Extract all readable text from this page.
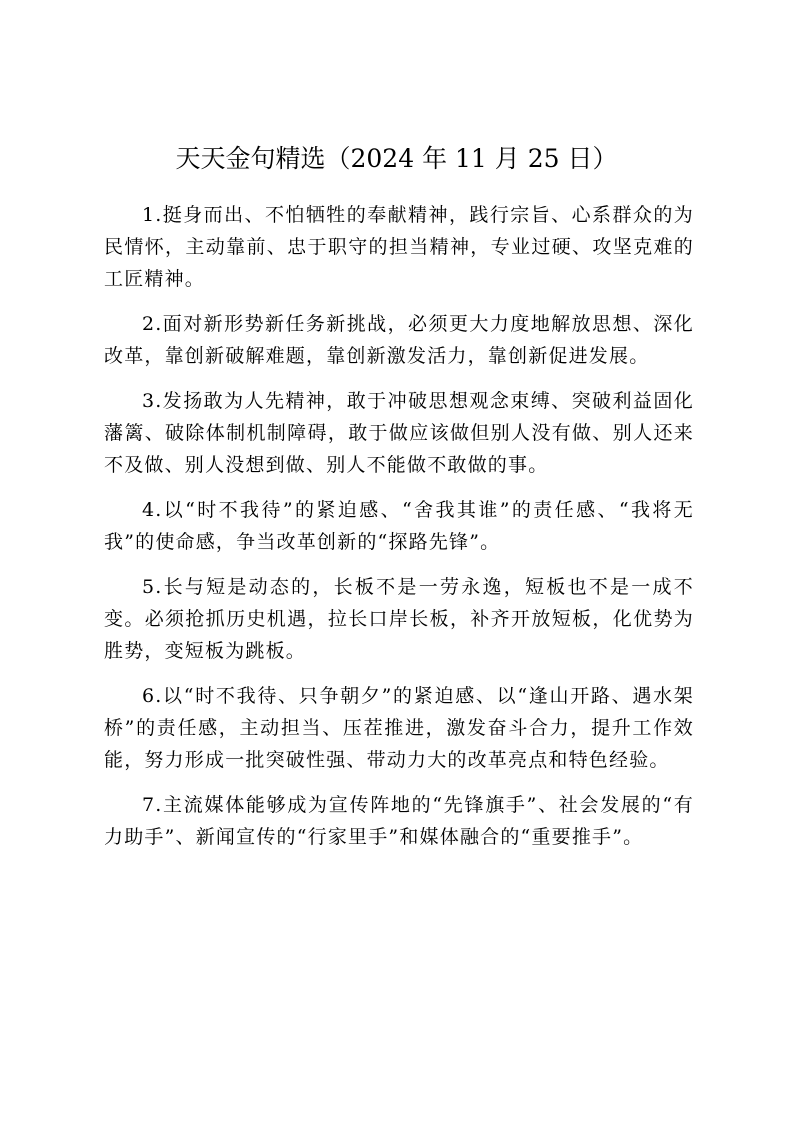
天天金句精选（2024 年 11 月 25 日）

1.挺身而出、不怕牺牲的奉献精神，践行宗旨、心系群众的为民情怀，主动靠前、忠于职守的担当精神，专业过硬、攻坚克难的工匠精神。

2.面对新形势新任务新挑战，必须更大力度地解放思想、深化改革，靠创新破解难题，靠创新激发活力，靠创新促进发展。

3.发扬敢为人先精神，敢于冲破思想观念束缚、突破利益固化藩篱、破除体制机制障碍，敢于做应该做但别人没有做、别人还来不及做、别人没想到做、别人不能做不敢做的事。

4.以“时不我待”的紧迫感、“舍我其谁”的责任感、“我将无我”的使命感，争当改革创新的“探路先锋”。

5.长与短是动态的，长板不是一劳永逸，短板也不是一成不变。必须抢抓历史机遇，拉长口岸长板，补齐开放短板，化优势为胜势，变短板为跳板。

6.以“时不我待、只争朝夕”的紧迫感、以“逢山开路、遇水架桥”的责任感，主动担当、压茬推进，激发奋斗合力，提升工作效能，努力形成一批突破性强、带动力大的改革亮点和特色经验。

7.主流媒体能够成为宣传阵地的“先锋旗手”、社会发展的“有力助手”、新闻宣传的“行家里手”和媒体融合的“重要推手”。
